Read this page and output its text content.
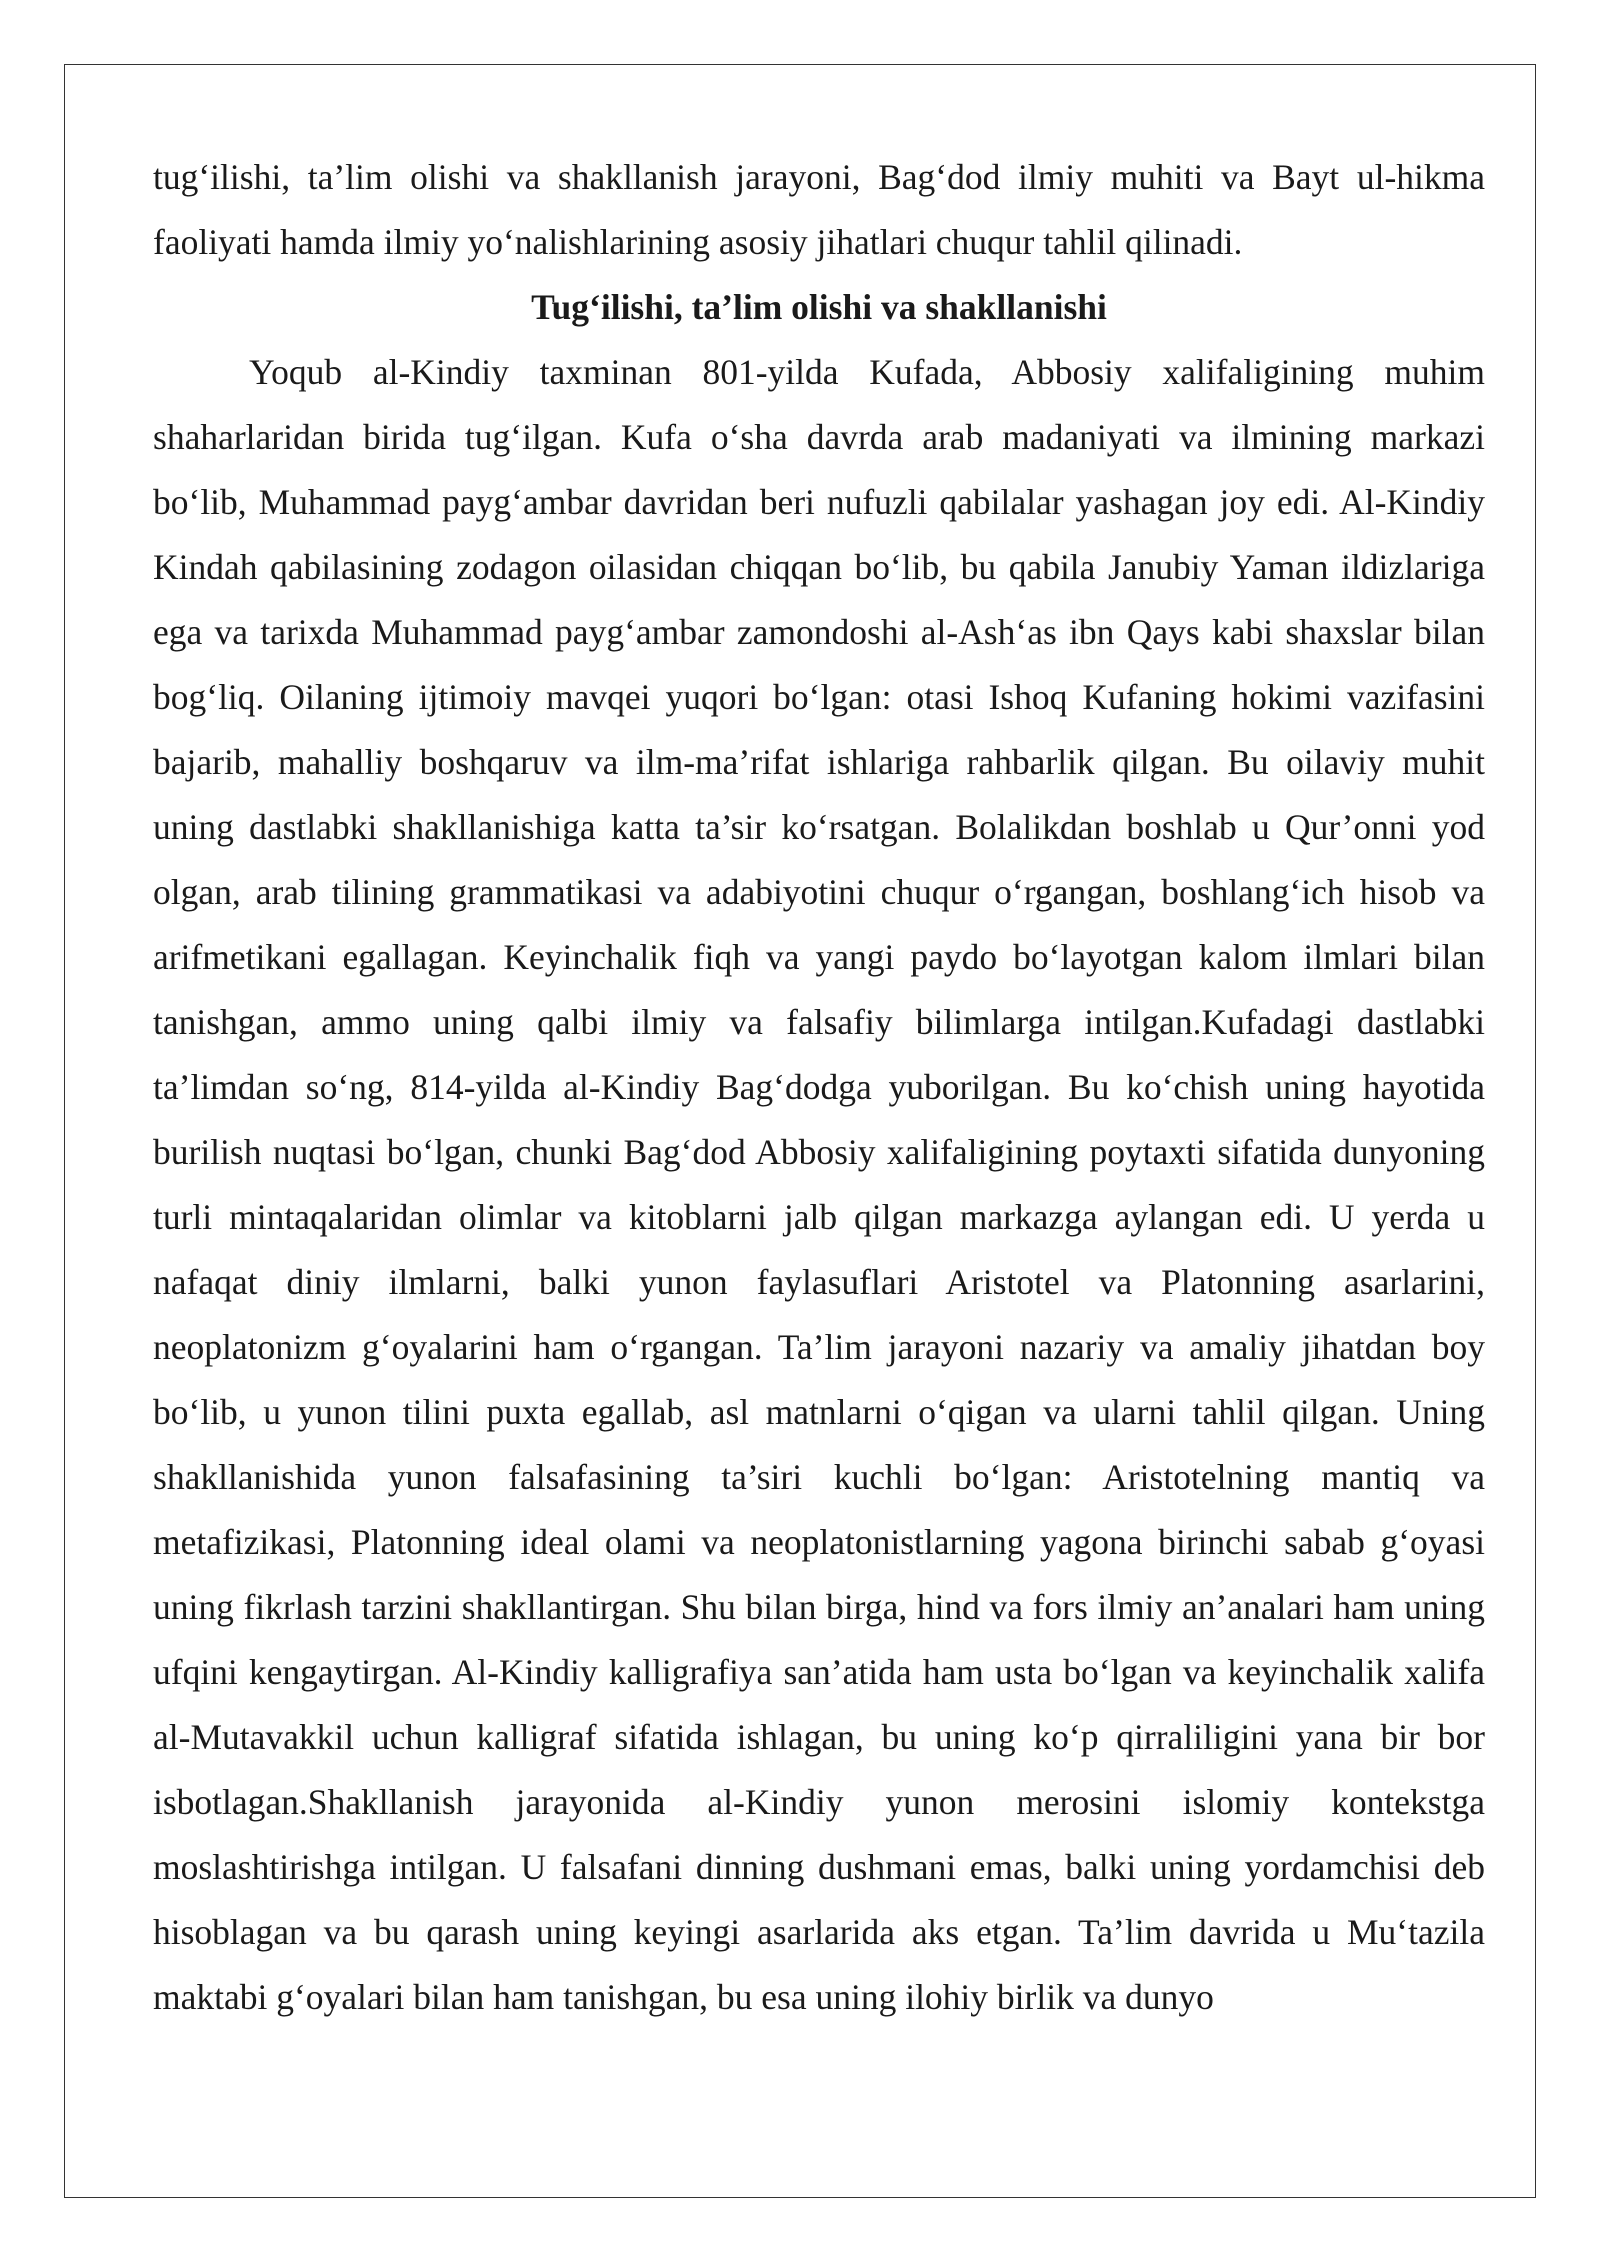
tug‘ilishi, ta’lim olishi va shakllanish jarayoni, Bag‘dod ilmiy muhiti va Bayt ul-hikma faoliyati hamda ilmiy yo‘nalishlarining asosiy jihatlari chuqur tahlil qilinadi.

Tug‘ilishi, ta’lim olishi va shakllanishi

Yoqub al-Kindiy taxminan 801-yilda Kufada, Abbosiy xalifaligining muhim shaharlaridan birida tug‘ilgan. Kufa o‘sha davrda arab madaniyati va ilmining markazi bo‘lib, Muhammad payg‘ambar davridan beri nufuzli qabilalar yashagan joy edi. Al-Kindiy Kindah qabilasining zodagon oilasidan chiqqan bo‘lib, bu qabila Janubiy Yaman ildizlariga ega va tarixda Muhammad payg‘ambar zamondoshi al-Ash‘as ibn Qays kabi shaxslar bilan bog‘liq. Oilaning ijtimoiy mavqei yuqori bo‘lgan: otasi Ishoq Kufaning hokimi vazifasini bajarib, mahalliy boshqaruv va ilm-ma’rifat ishlariga rahbarlik qilgan. Bu oilaviy muhit uning dastlabki shakllanishiga katta ta’sir ko‘rsatgan. Bolalikdan boshlab u Qur’onni yod olgan, arab tilining grammatikasi va adabiyotini chuqur o‘rgangan, boshlang‘ich hisob va arifmetikani egallagan. Keyinchalik fiqh va yangi paydo bo‘layotgan kalom ilmlari bilan tanishgan, ammo uning qalbi ilmiy va falsafiy bilimlarga intilgan.Kufadagi dastlabki ta’limdan so‘ng, 814-yilda al-Kindiy Bag‘dodga yuborilgan. Bu ko‘chish uning hayotida burilish nuqtasi bo‘lgan, chunki Bag‘dod Abbosiy xalifaligining poytaxti sifatida dunyoning turli mintaqalaridan olimlar va kitoblarni jalb qilgan markazga aylangan edi. U yerda u nafaqat diniy ilmlarni, balki yunon faylasuflari Aristotel va Platonning asarlarini, neoplatonizm g‘oyalarini ham o‘rgangan. Ta’lim jarayoni nazariy va amaliy jihatdan boy bo‘lib, u yunon tilini puxta egallab, asl matnlarni o‘qigan va ularni tahlil qilgan. Uning shakllanishida yunon falsafasining ta’siri kuchli bo‘lgan: Aristotelning mantiq va metafizikasi, Platonning ideal olami va neoplatonistlarning yagona birinchi sabab g‘oyasi uning fikrlash tarzini shakllantirgan. Shu bilan birga, hind va fors ilmiy an’analari ham uning ufqini kengaytirgan. Al-Kindiy kalligrafiya san’atida ham usta bo‘lgan va keyinchalik xalifa al-Mutavakkil uchun kalligraf sifatida ishlagan, bu uning ko‘p qirraliligini yana bir bor isbotlagan.Shakllanish jarayonida al-Kindiy yunon merosini islomiy kontekstga moslashtirishga intilgan. U falsafani dinning dushmani emas, balki uning yordamchisi deb hisoblagan va bu qarash uning keyingi asarlarida aks etgan. Ta’lim davrida u Mu‘tazila maktabi g‘oyalari bilan ham tanishgan, bu esa uning ilohiy birlik va dunyo
